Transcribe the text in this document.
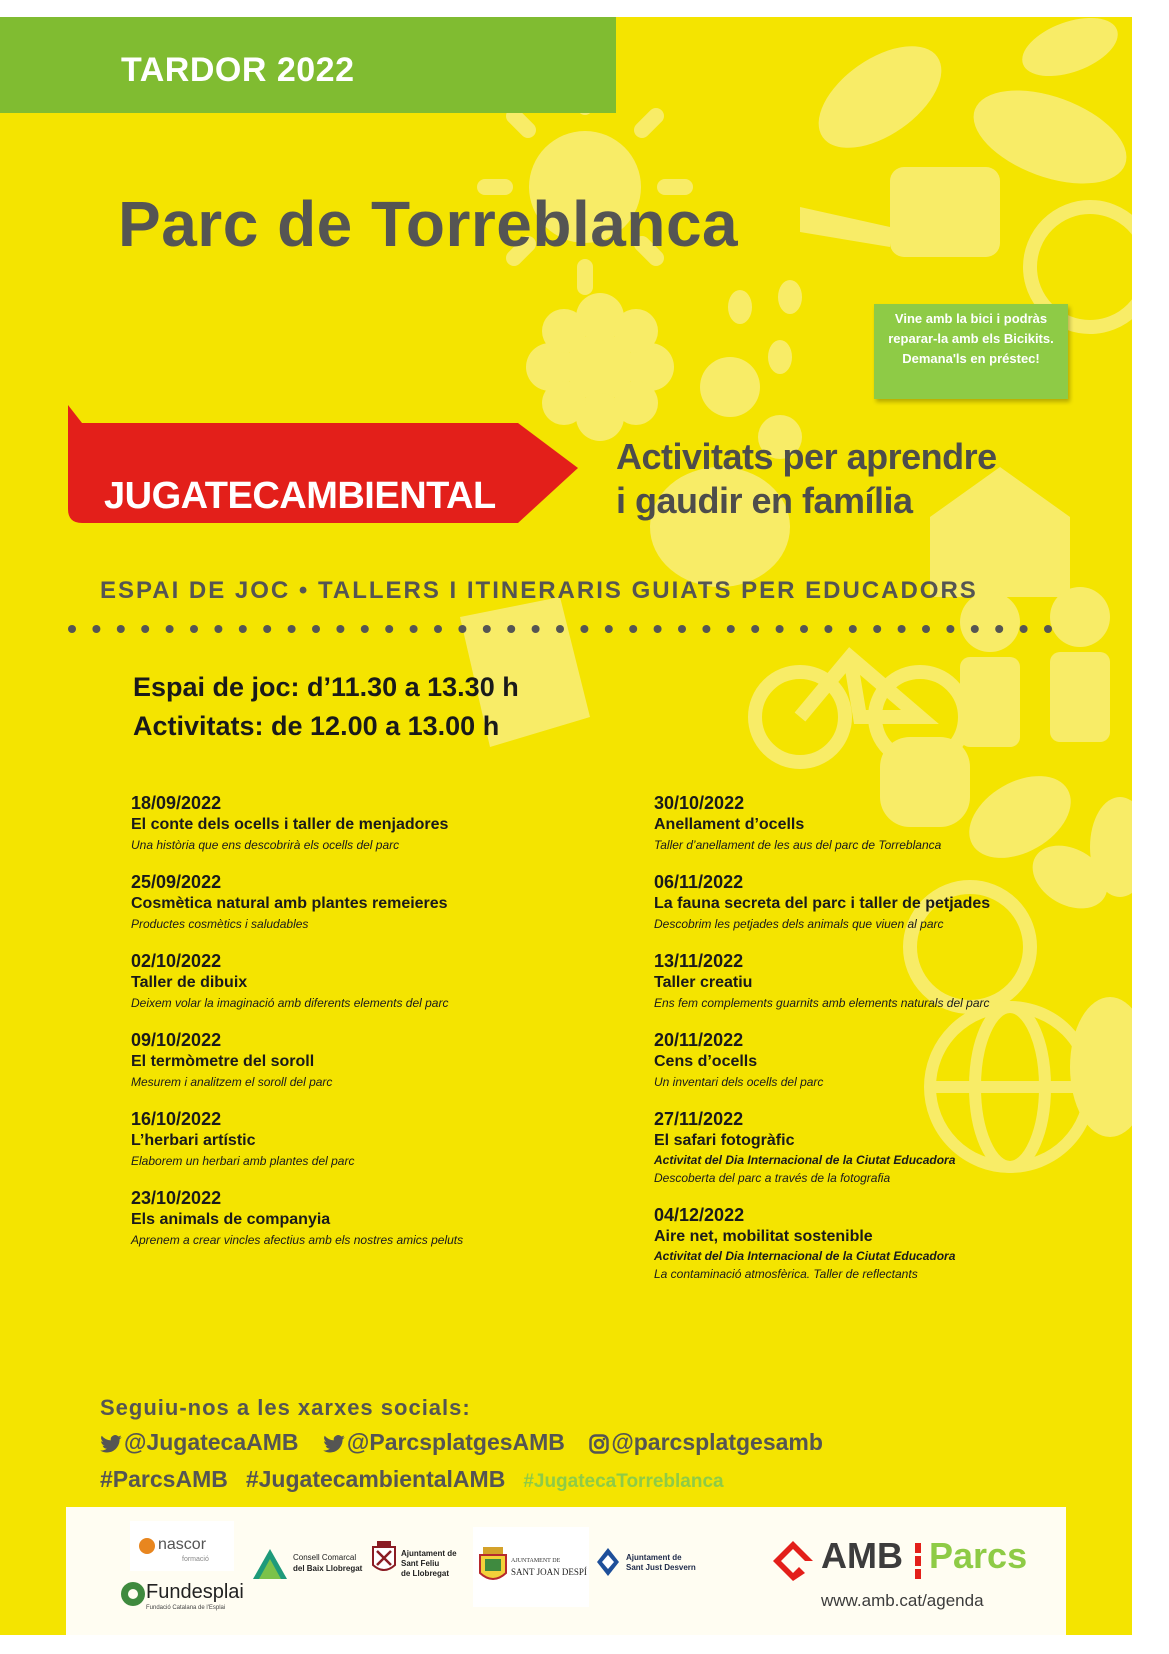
TARDOR 2022
Parc de Torreblanca
Vine amb la bici i podràs reparar-la amb els Bicikits. Demana'ls en préstec!
JUGATECAMBIENTAL
Activitats per aprendre
i gaudir en família
ESPAI DE JOC • TALLERS I ITINERARIS GUIATS PER EDUCADORS
Espai de joc: d’11.30 a 13.30 h
Activitats: de 12.00 a 13.00 h
18/09/2022
El conte dels ocells i taller de menjadores
Una història que ens descobrirà els ocells del parc
25/09/2022
Cosmètica natural amb plantes remeieres
Productes cosmètics i saludables
02/10/2022
Taller de dibuix
Deixem volar la imaginació amb diferents elements del parc
09/10/2022
El termòmetre del soroll
Mesurem i analitzem el soroll del parc
16/10/2022
L’herbari artístic
Elaborem un herbari amb plantes del parc
23/10/2022
Els animals de companyia
Aprenem a crear vincles afectius amb els nostres amics peluts
30/10/2022
Anellament d’ocells
Taller d’anellament de les aus del parc de Torreblanca
06/11/2022
La fauna secreta del parc i taller de petjades
Descobrim les petjades dels animals que viuen al parc
13/11/2022
Taller creatiu
Ens fem complements guarnits amb elements naturals del parc
20/11/2022
Cens d’ocells
Un inventari dels ocells del parc
27/11/2022
El safari fotogràfic
Activitat del Dia Internacional de la Ciutat Educadora
Descoberta del parc a través de la fotografia
04/12/2022
Aire net, mobilitat sostenible
Activitat del Dia Internacional de la Ciutat Educadora
La contaminació atmosfèrica. Taller de reflectants
Seguiu-nos a les xarxes socials:
@JugatecaAMB @ParcsplatgesAMB @parcsplatgesamb
#ParcsAMB #JugatecambientalAMB #JugatecaTorreblanca
nascor
formació
Fundesplai
Fundació Catalana de l'Esplai
Consell Comarcal
del Baix Llobregat
Ajuntament de
Sant Feliu
de Llobregat
AJUNTAMENT DE
SANT JOAN DESPÍ
Ajuntament de
Sant Just Desvern	AMB Parcs
www.amb.cat/agenda
